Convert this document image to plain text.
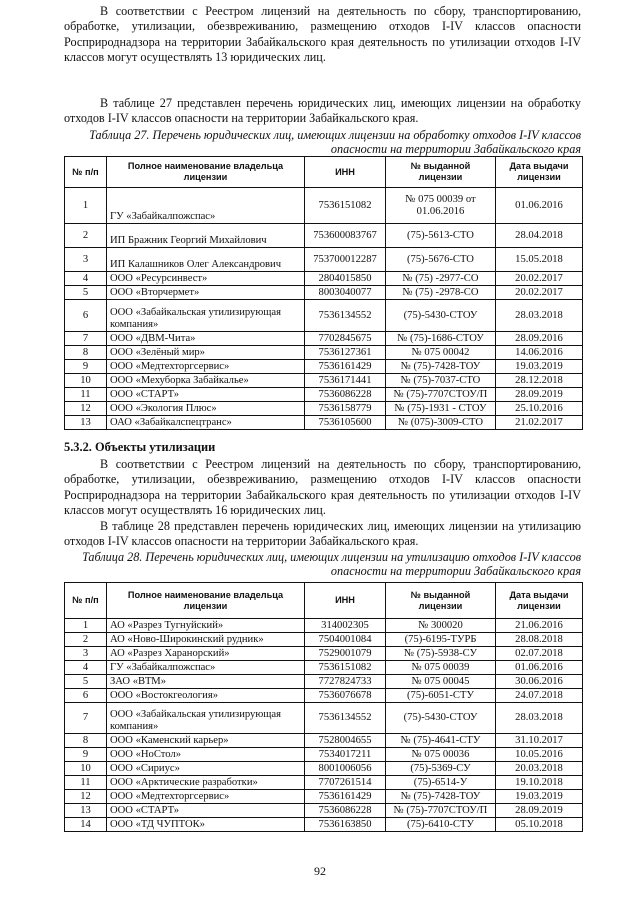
В соответствии с Реестром лицензий на деятельность по сбору, транспортированию, обработке, утилизации, обезвреживанию, размещению отходов I-IV классов опасности Росприроднадзора на территории Забайкальского края деятельность по утилизации отходов I-IV классов могут осуществлять 13 юридических лиц.

В таблице 27 представлен перечень юридических лиц, имеющих лицензии на обработку отходов I-IV классов опасности на территории Забайкальского края.

Таблица 27. Перечень юридических лиц, имеющих лицензии на обработку отходов I-IV классов опасности на территории Забайкальского края

№ п/п	Полное наименование владельца лицензии	ИНН	№ выданной лицензии	Дата выдачи лицензии
1	ГУ «Забайкалпожспас»	7536151082	№ 075 00039 от 01.06.2016	01.06.2016
2	ИП Бражник Георгий Михайлович	753600083767	(75)-5613-СТО	28.04.2018
3	ИП Калашников Олег Александрович	753700012287	(75)-5676-СТО	15.05.2018
4	ООО «Ресурсинвест»	2804015850	№ (75) -2977-СО	20.02.2017
5	ООО «Вторчермет»	8003040077	№ (75) -2978-СО	20.02.2017
6	ООО «Забайкальская утилизирующая компания»	7536134552	(75)-5430-СТОУ	28.03.2018
7	ООО «ДВМ-Чита»	7702845675	№ (75)-1686-СТОУ	28.09.2016
8	ООО «Зелёный мир»	7536127361	№ 075 00042	14.06.2016
9	ООО «Медтехторгсервис»	7536161429	№ (75)-7428-ТОУ	19.03.2019
10	ООО «Мехуборка Забайкалье»	7536171441	№ (75)-7037-СТО	28.12.2018
11	ООО «СТАРТ»	7536086228	№ (75)-7707СТОУ/П	28.09.2019
12	ООО «Экология Плюс»	7536158779	№ (75)-1931 - СТОУ	25.10.2016
13	ОАО «Забайкалспецтранс»	7536105600	№ (075)-3009-СТО	21.02.2017

5.3.2. Объекты утилизации

В соответствии с Реестром лицензий на деятельность по сбору, транспортированию, обработке, утилизации, обезвреживанию, размещению отходов I-IV классов опасности Росприроднадзора на территории Забайкальского края деятельность по утилизации отходов I-IV классов могут осуществлять 16 юридических лиц.

В таблице 28 представлен перечень юридических лиц, имеющих лицензии на утилизацию отходов I-IV классов опасности на территории Забайкальского края.

Таблица 28. Перечень юридических лиц, имеющих лицензии на утилизацию отходов I-IV классов опасности на территории Забайкальского края

№ п/п	Полное наименование владельца лицензии	ИНН	№ выданной лицензии	Дата выдачи лицензии
1	АО «Разрез Тугнуйский»	314002305	№ 300020	21.06.2016
2	АО «Ново-Широкинский рудник»	7504001084	(75)-6195-ТУРБ	28.08.2018
3	АО «Разрез Харанорский»	7529001079	№ (75)-5938-СУ	02.07.2018
4	ГУ «Забайкалпожспас»	7536151082	№ 075 00039	01.06.2016
5	ЗАО «ВТМ»	7727824733	№ 075 00045	30.06.2016
6	ООО «Востокгеология»	7536076678	(75)-6051-СТУ	24.07.2018
7	ООО «Забайкальская утилизирующая компания»	7536134552	(75)-5430-СТОУ	28.03.2018
8	ООО «Каменский карьер»	7528004655	№ (75)-4641-СТУ	31.10.2017
9	ООО «НоСтол»	7534017211	№ 075 00036	10.05.2016
10	ООО «Сириус»	8001006056	(75)-5369-СУ	20.03.2018
11	ООО «Арктические разработки»	7707261514	(75)-6514-У	19.10.2018
12	ООО «Медтехторгсервис»	7536161429	№ (75)-7428-ТОУ	19.03.2019
13	ООО «СТАРТ»	7536086228	№ (75)-7707СТОУ/П	28.09.2019
14	ООО «ТД ЧУПТОК»	7536163850	(75)-6410-СТУ	05.10.2018
92
